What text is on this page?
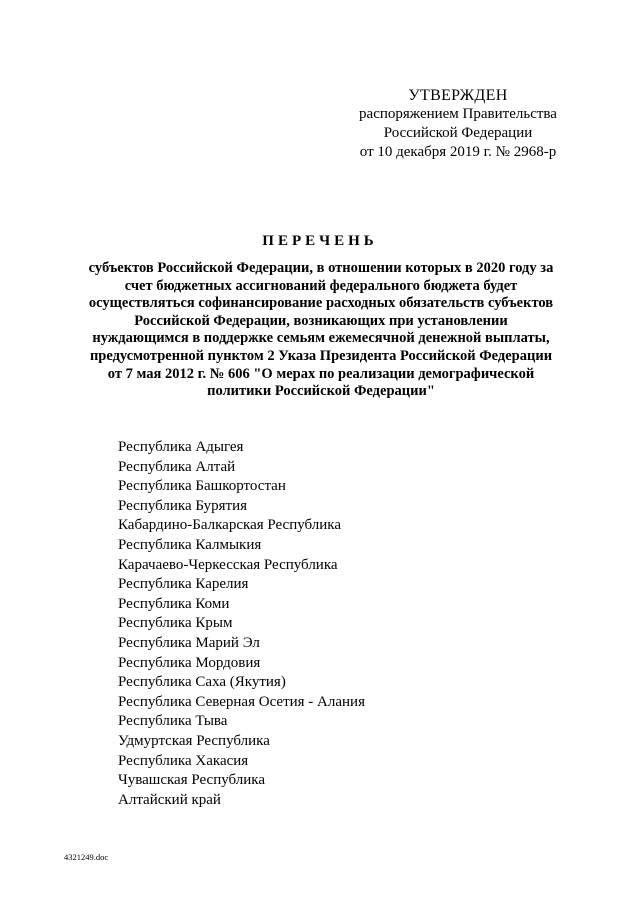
УТВЕРЖДЕН
распоряжением Правительства
Российской Федерации
от 10 декабря 2019 г. № 2968-р
ПЕРЕЧЕНЬ

субъектов Российской Федерации, в отношении которых в 2020 году за
счет бюджетных ассигнований федерального бюджета будет
осуществляться софинансирование расходных обязательств субъектов
Российской Федерации, возникающих при установлении
нуждающимся в поддержке семьям ежемесячной денежной выплаты,
предусмотренной пунктом 2 Указа Президента Российской Федерации
от 7 мая 2012 г. № 606 "О мерах по реализации демографической
политики Российской Федерации"

Республика Адыгея
Республика Алтай
Республика Башкортостан
Республика Бурятия
Кабардино-Балкарская Республика
Республика Калмыкия
Карачаево-Черкесская Республика
Республика Карелия
Республика Коми
Республика Крым
Республика Марий Эл
Республика Мордовия
Республика Саха (Якутия)
Республика Северная Осетия - Алания
Республика Тыва
Удмуртская Республика
Республика Хакасия
Чувашская Республика
Алтайский край
4321249.doc
